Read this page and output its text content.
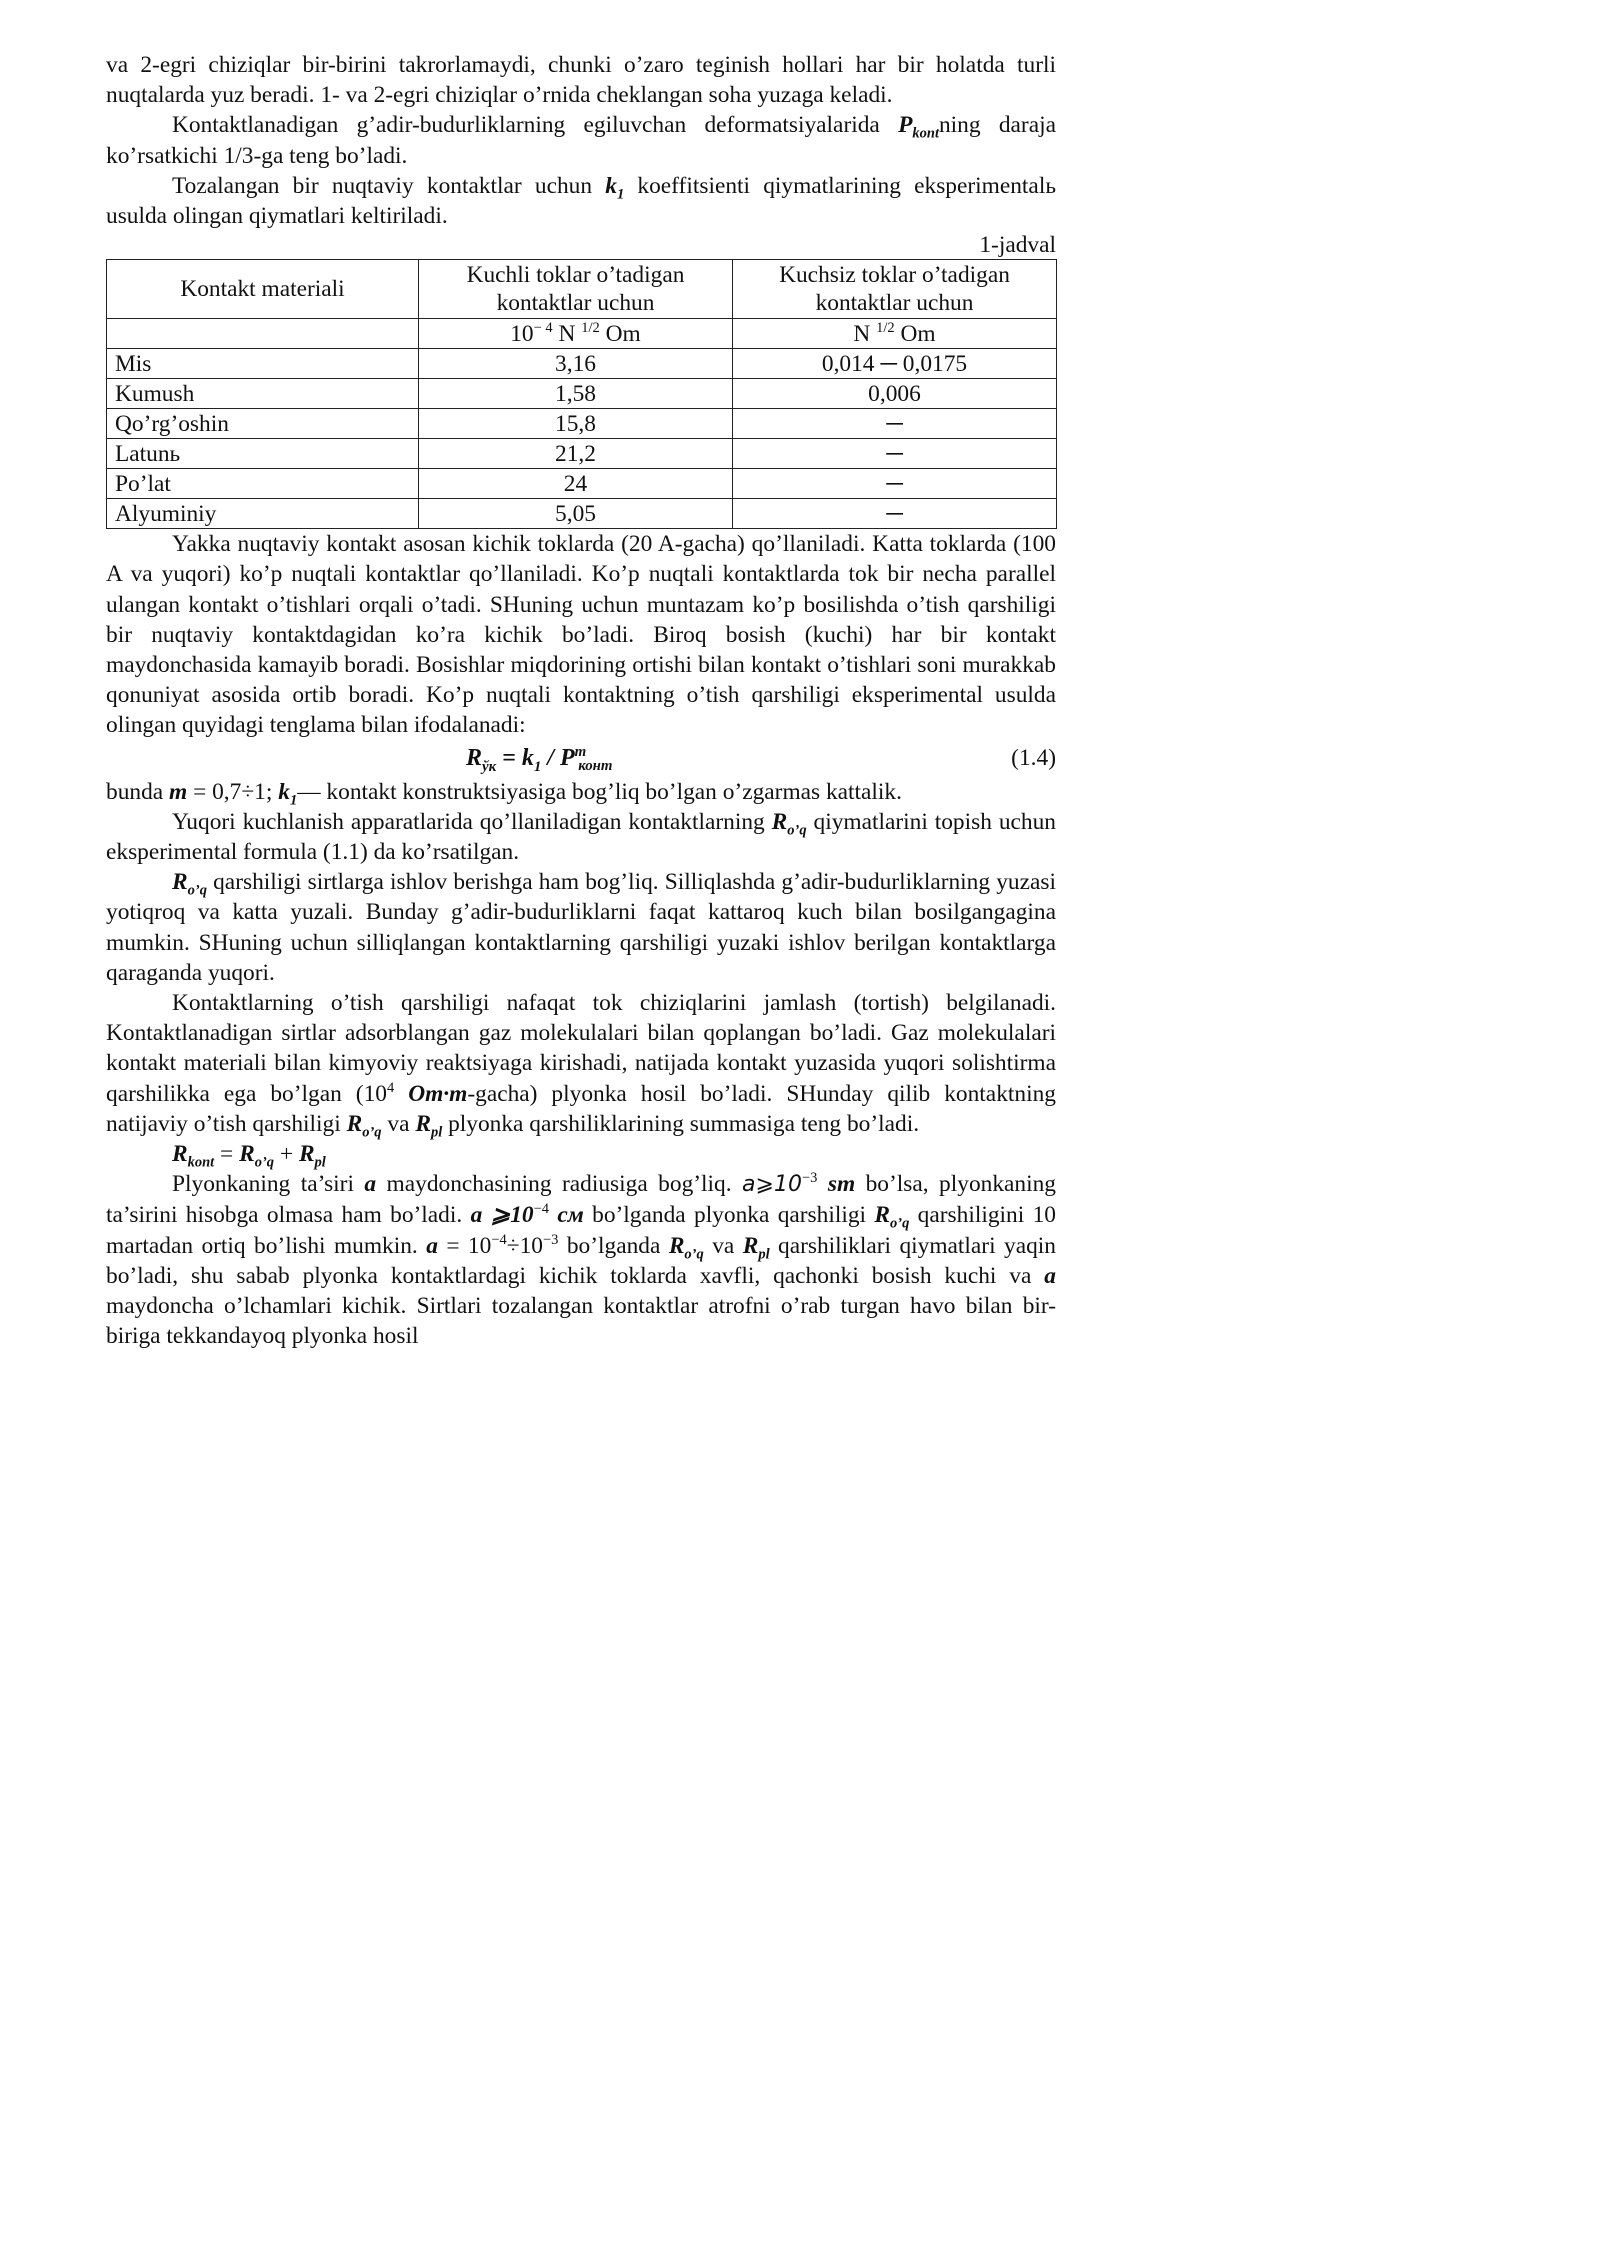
va 2-egri chiziqlar bir-birini takrorlamaydi, chunki o’zaro teginish hollari har bir holatda turli nuqtalarda yuz beradi. 1- va 2-egri chiziqlar o’rnida cheklangan soha yuzaga keladi.

Kontaktlanadigan g’adir-budurliklarning egiluvchan deformatsiyalarida $P_{kont}ning$ daraja ko’rsatkichi 1/3-ga teng bo’ladi.

Tozalangan bir nuqtaviy kontaktlar uchun $k_1$ koeffitsienti qiymatlarining eksperimentalь usulda olingan qiymatlari keltiriladi.

1-jadval
Kontakt materiali	Kuchli toklar o’tadigan kontaktlar uchun	Kuchsiz toklar o’tadigan kontaktlar uchun
	$10^{- 4}$ N $^{1/2}$ Om	N $^{1/2}$ Om
Mis	3,16	0,014 ─ 0,0175
Kumush	1,58	0,006
Qo’rg’oshin	15,8	─
Latunь	21,2	─
Po’lat	24	─
Alyuminiy	5,05	─

Yakka nuqtaviy kontakt asosan kichik toklarda (20 A-gacha) qo’llaniladi. Katta toklarda (100 A va yuqori) ko’p nuqtali kontaktlar qo’llaniladi. Ko’p nuqtali kontaktlarda tok bir necha parallel ulangan kontakt o’tishlari orqali o’tadi. SHuning uchun muntazam ko’p bosilishda o’tish qarshiligi bir nuqtaviy kontaktdagidan ko’ra kichik bo’ladi. Biroq bosish (kuchi) har bir kontakt maydonchasida kamayib boradi. Bosishlar miqdorining ortishi bilan kontakt o’tishlari soni murakkab qonuniyat asosida ortib boradi. Ko’p nuqtali kontaktning o’tish qarshiligi eksperimental usulda olingan quyidagi tenglama bilan ifodalanadi:

$R_{ўк} = k_1 / P^m_{конт}$	(1.4)

bunda m = 0,7÷1; $k_1—$ kontakt konstruktsiyasiga bog’liq bo’lgan o’zgarmas kattalik.

Yuqori kuchlanish apparatlarida qo’llaniladigan kontaktlarning $R_{o’q}$ qiymatlarini topish uchun eksperimental formula (1.1) da ko’rsatilgan.

$R_{o’q}$ qarshiligi sirtlarga ishlov berishga ham bog’liq. Silliqlashda g’adir-budurliklarning yuzasi yotiqroq va katta yuzali. Bunday g’adir-budurliklarni faqat kattaroq kuch bilan bosilgangagina mumkin. SHuning uchun silliqlangan kontaktlarning qarshiligi yuzaki ishlov berilgan kontaktlarga qaraganda yuqori.

Kontaktlarning o’tish qarshiligi nafaqat tok chiziqlarini jamlash (tortish) belgilanadi. Kontaktlanadigan sirtlar adsorblangan gaz molekulalari bilan qoplangan bo’ladi. Gaz molekulalari kontakt materiali bilan kimyoviy reaktsiyaga kirishadi, natijada kontakt yuzasida yuqori solishtirma qarshilikka ega bo’lgan ($10^4$ Om·m-gacha) plyonka hosil bo’ladi. SHunday qilib kontaktning natijaviy o’tish qarshiligi $R_{o’q}$ va $R_{pl}$ plyonka qarshiliklarining summasiga teng bo’ladi.

$R_{kont} = R_{o’q} + R_{pl}$

Plyonkaning ta’siri a maydonchasining radiusiga bog’liq. $a⩾10^{-3}$ sm bo’lsa, plyonkaning ta’sirini hisobga olmasa ham bo’ladi. a $⩾10^{-4}$ см bo’lganda plyonka qarshiligi $R_{o’q}$ qarshiligini 10 martadan ortiq bo’lishi mumkin. $a = 10^{-4}\div 10^{-3}$ bo’lganda $R_{o’q}$ va $R_{pl}$ qarshiliklari qiymatlari yaqin bo’ladi, shu sabab plyonka kontaktlardagi kichik toklarda xavfli, qachonki bosish kuchi va a maydoncha o’lchamlari kichik. Sirtlari tozalangan kontaktlar atrofni o’rab turgan havo bilan bir-biriga tekkandayoq plyonka hosil
